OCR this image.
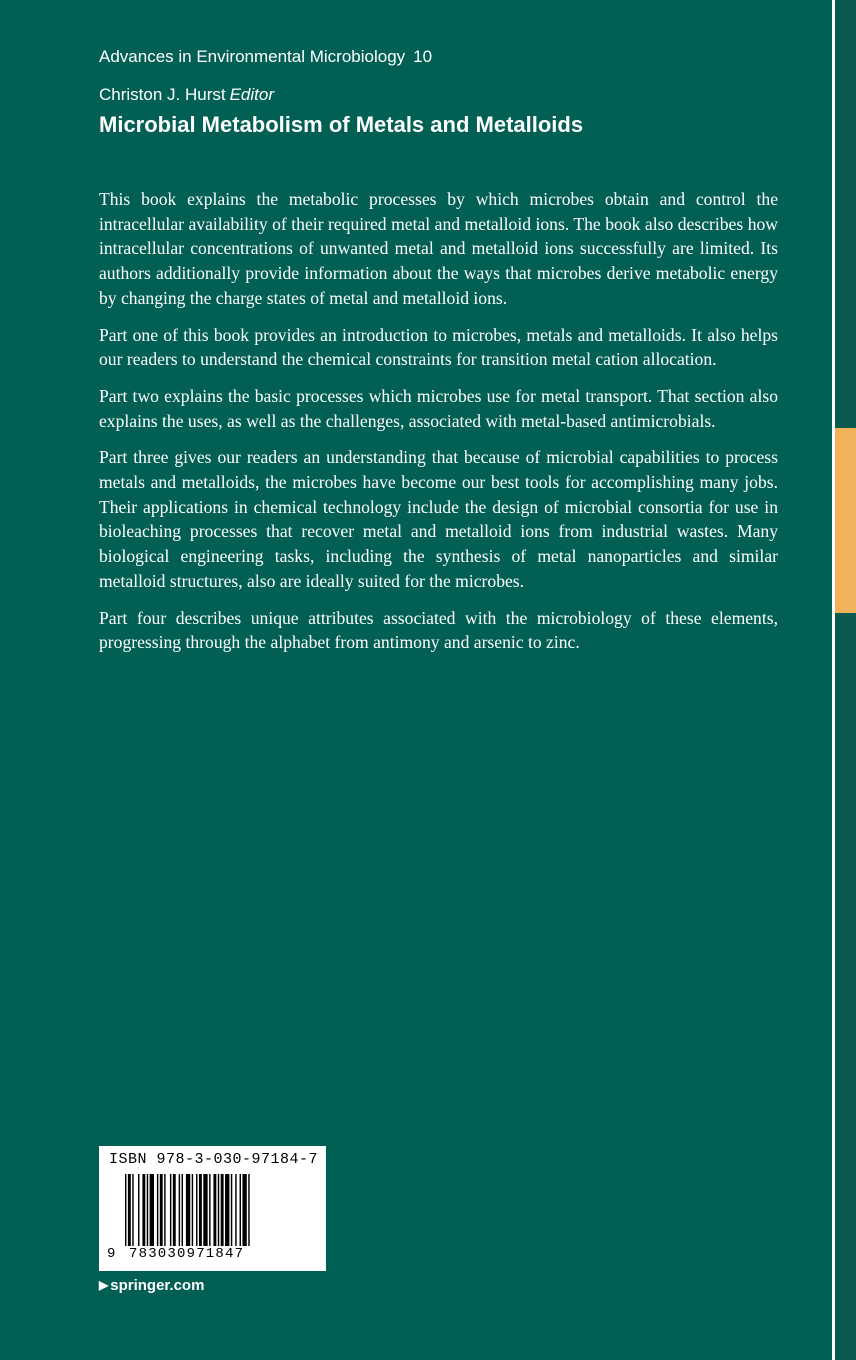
Advances in Environmental Microbiology 10
Christon J. Hurst Editor
Microbial Metabolism of Metals and Metalloids

This book explains the metabolic processes by which microbes obtain and control the intracellular availability of their required metal and metalloid ions. The book also describes how intracellular concentrations of unwanted metal and metalloid ions successfully are limited. Its authors additionally provide information about the ways that microbes derive metabolic energy by changing the charge states of metal and metalloid ions.

Part one of this book provides an introduction to microbes, metals and metalloids. It also helps our readers to understand the chemical constraints for transition metal cation allocation.

Part two explains the basic processes which microbes use for metal transport. That section also explains the uses, as well as the challenges, associated with metal-based antimicrobials.

Part three gives our readers an understanding that because of microbial capabilities to process metals and metalloids, the microbes have become our best tools for accomplishing many jobs. Their applications in chemical technology include the design of microbial consortia for use in bioleaching processes that recover metal and metalloid ions from industrial wastes. Many biological engineering tasks, including the synthesis of metal nanoparticles and similar metalloid structures, also are ideally suited for the microbes.

Part four describes unique attributes associated with the microbiology of these elements, progressing through the alphabet from antimony and arsenic to zinc.

ISBN 978-3-030-97184-7
9 783030971847
▶ springer.com
